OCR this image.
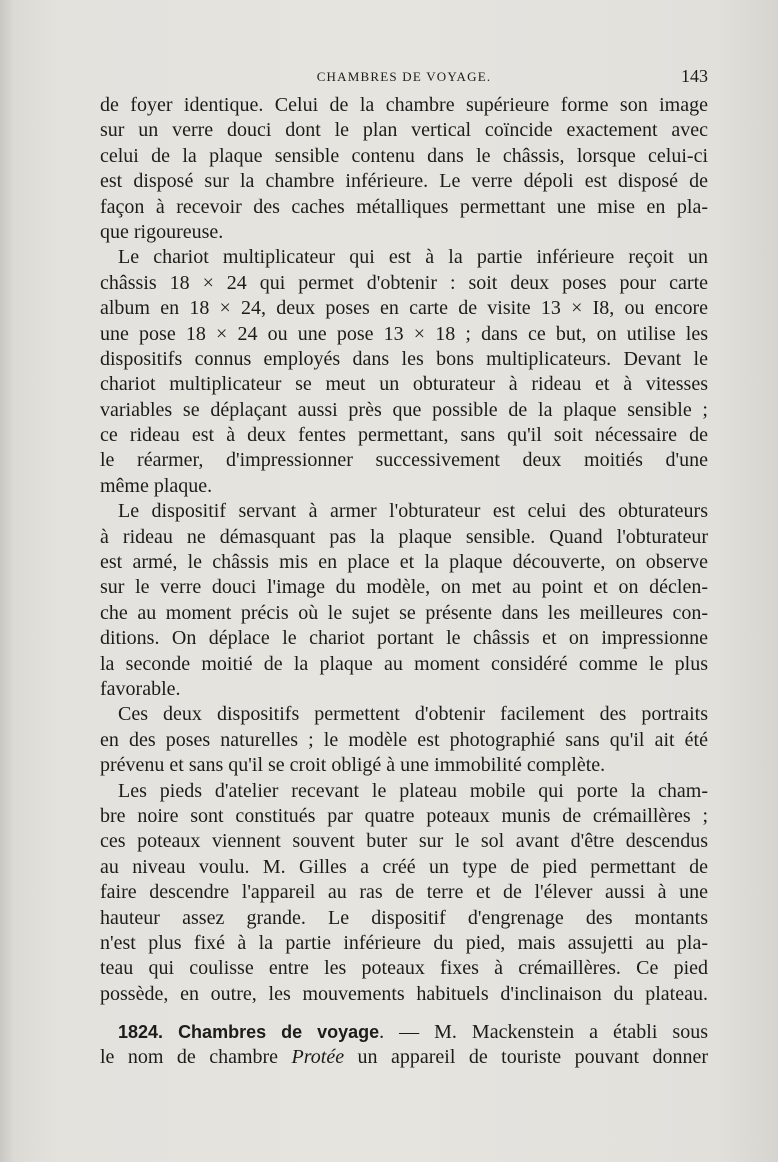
CHAMBRES DE VOYAGE.	143
de foyer identique. Celui de la chambre supérieure forme son image
sur un verre douci dont le plan vertical coïncide exactement avec
celui de la plaque sensible contenu dans le châssis, lorsque celui-ci
est disposé sur la chambre inférieure. Le verre dépoli est disposé de
façon à recevoir des caches métalliques permettant une mise en pla-
que rigoureuse.
Le chariot multiplicateur qui est à la partie inférieure reçoit un
châssis 18 × 24 qui permet d'obtenir : soit deux poses pour carte
album en 18 × 24, deux poses en carte de visite 13 × I8, ou encore
une pose 18 × 24 ou une pose 13 × 18 ; dans ce but, on utilise les
dispositifs connus employés dans les bons multiplicateurs. Devant le
chariot multiplicateur se meut un obturateur à rideau et à vitesses
variables se déplaçant aussi près que possible de la plaque sensible ;
ce rideau est à deux fentes permettant, sans qu'il soit nécessaire de
le réarmer, d'impressionner successivement deux moitiés d'une
même plaque.
Le dispositif servant à armer l'obturateur est celui des obturateurs
à rideau ne démasquant pas la plaque sensible. Quand l'obturateur
est armé, le châssis mis en place et la plaque découverte, on observe
sur le verre douci l'image du modèle, on met au point et on déclen-
che au moment précis où le sujet se présente dans les meilleures con-
ditions. On déplace le chariot portant le châssis et on impressionne
la seconde moitié de la plaque au moment considéré comme le plus
favorable.
Ces deux dispositifs permettent d'obtenir facilement des portraits
en des poses naturelles ; le modèle est photographié sans qu'il ait été
prévenu et sans qu'il se croit obligé à une immobilité complète.
Les pieds d'atelier recevant le plateau mobile qui porte la cham-
bre noire sont constitués par quatre poteaux munis de crémaillères ;
ces poteaux viennent souvent buter sur le sol avant d'être descendus
au niveau voulu. M. Gilles a créé un type de pied permettant de
faire descendre l'appareil au ras de terre et de l'élever aussi à une
hauteur assez grande. Le dispositif d'engrenage des montants
n'est plus fixé à la partie inférieure du pied, mais assujetti au pla-
teau qui coulisse entre les poteaux fixes à crémaillères. Ce pied
possède, en outre, les mouvements habituels d'inclinaison du plateau.
1824. Chambres de voyage. — M. Mackenstein a établi sous
le nom de chambre Protée un appareil de touriste pouvant donner
